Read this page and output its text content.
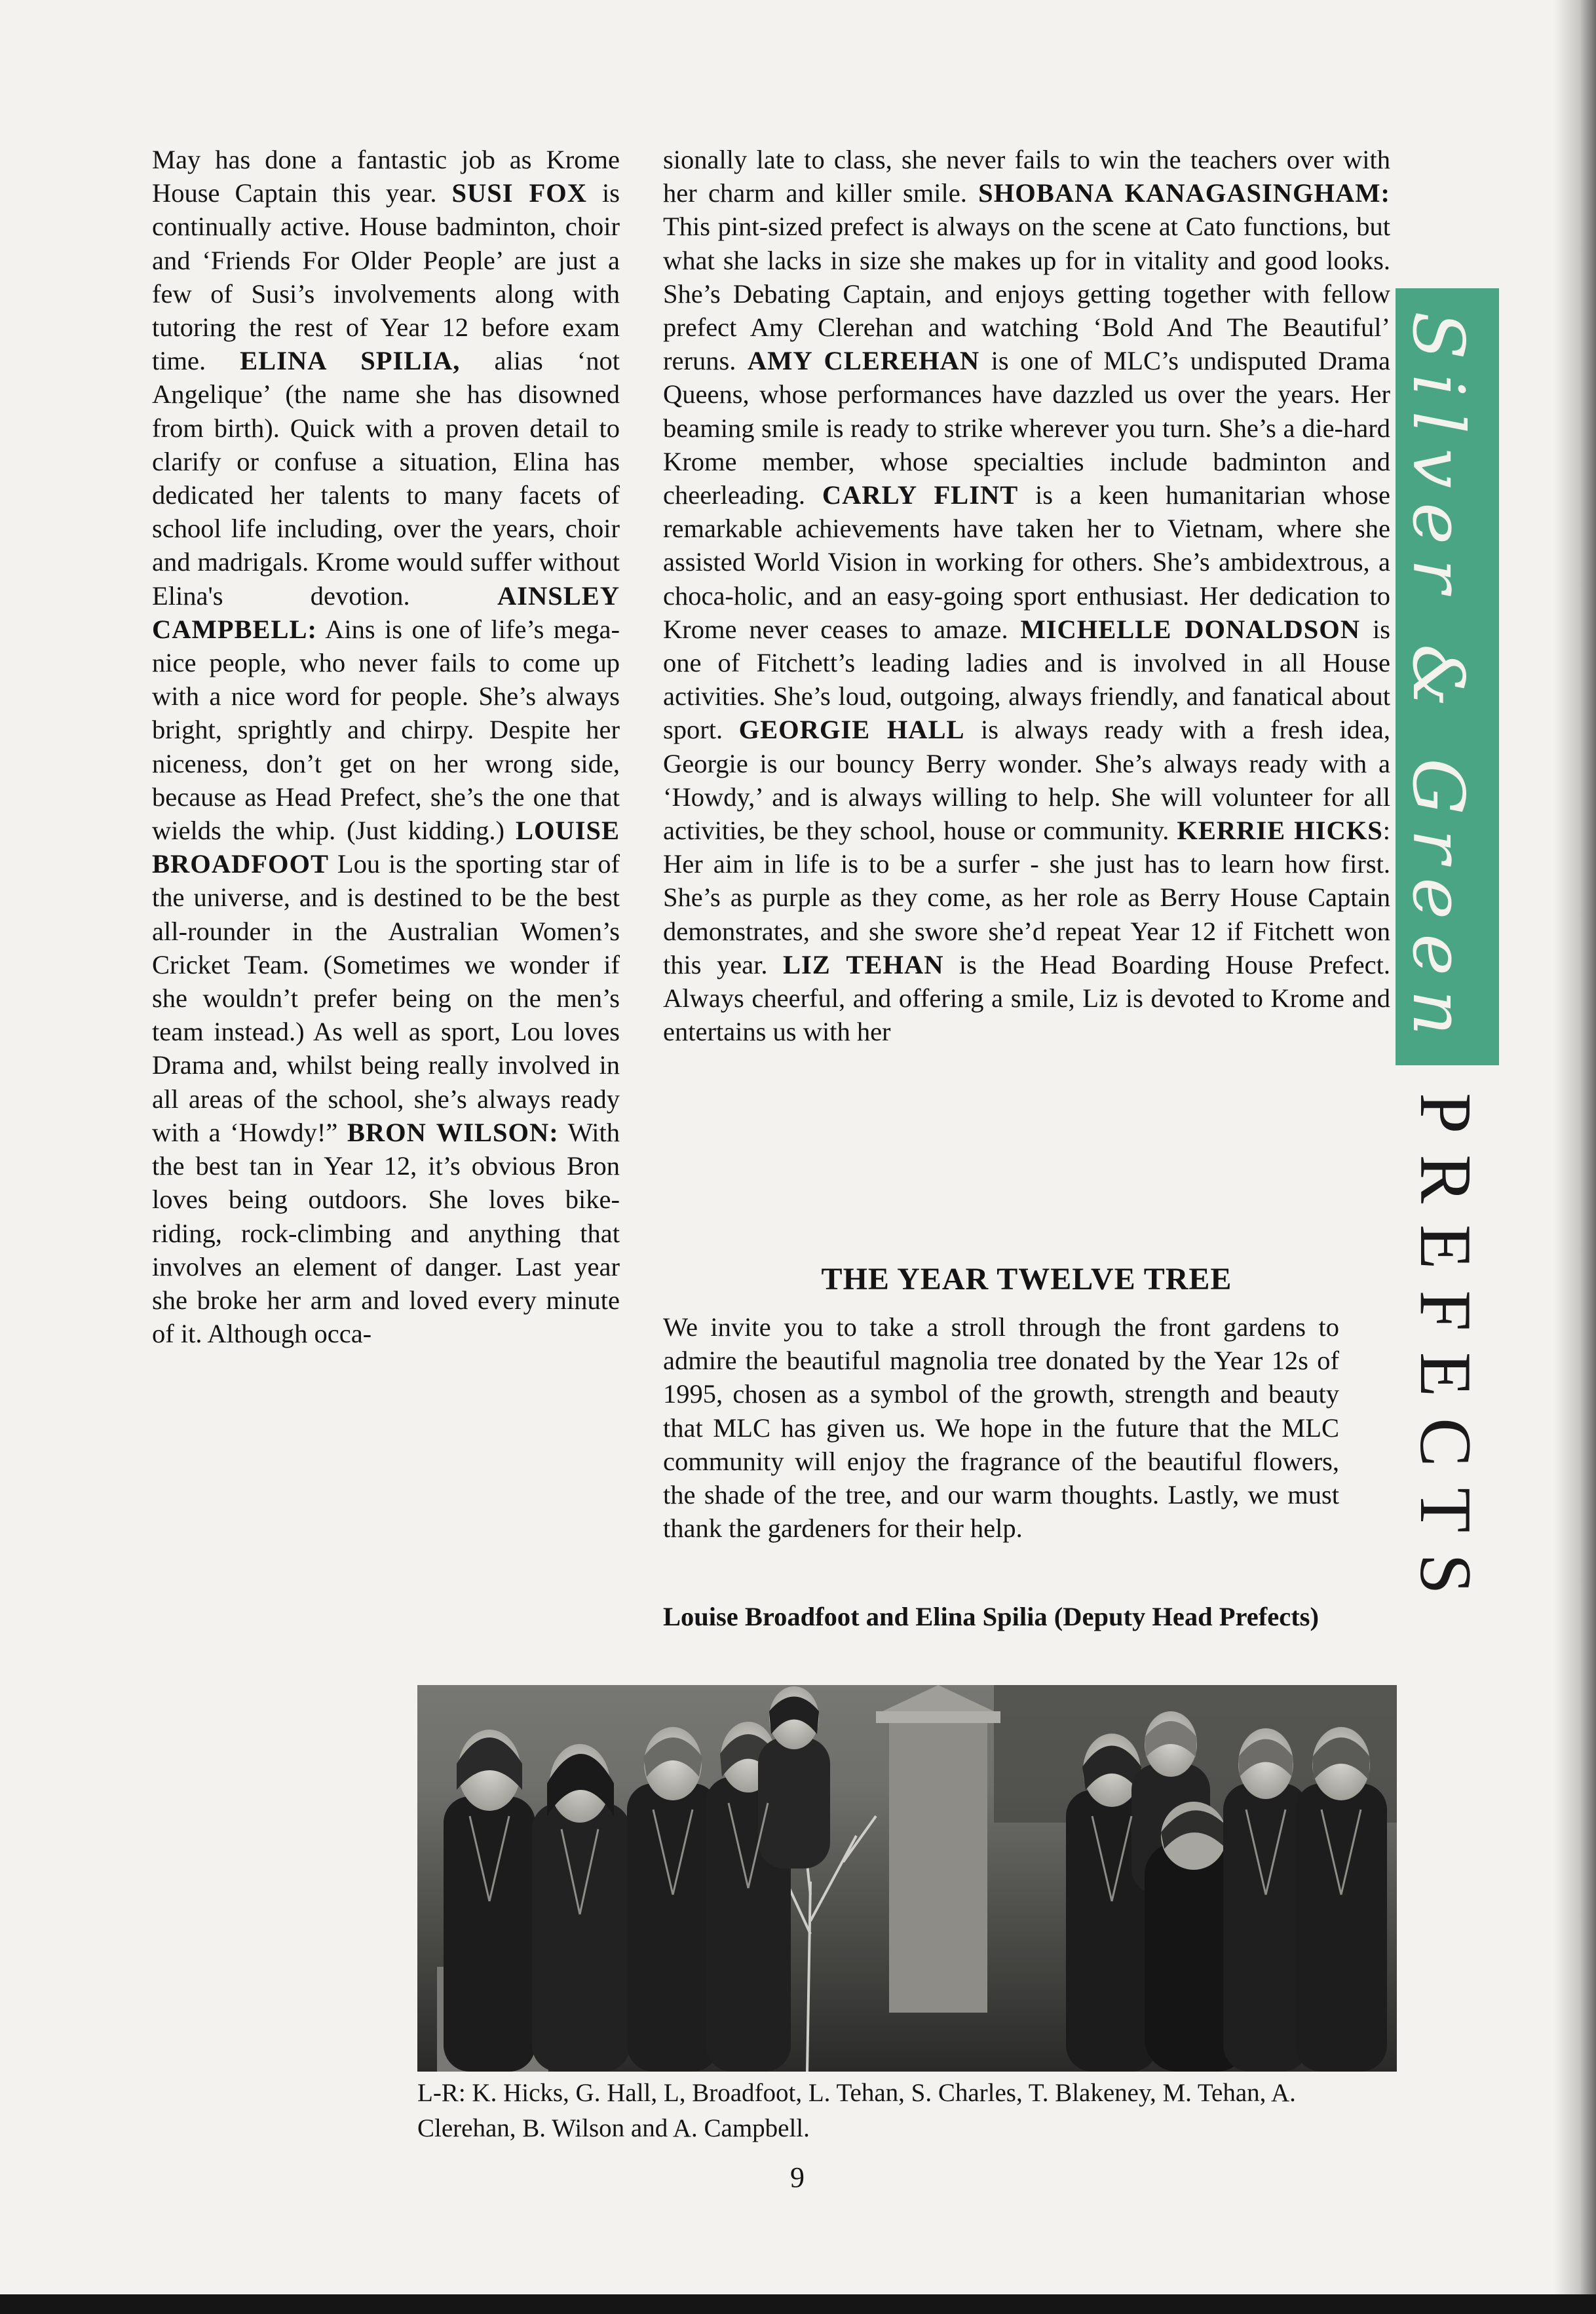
May has done a fantastic job as Krome House Captain this year. SUSI FOX is continually active. House badminton, choir and ‘Friends For Older People’ are just a few of Susi’s involvements along with tutoring the rest of Year 12 before exam time. ELINA SPILIA, alias ‘not Angelique’ (the name she has disowned from birth). Quick with a proven detail to clarify or confuse a situation, Elina has dedicated her talents to many facets of school life including, over the years, choir and madrigals. Krome would suffer without Elina's devotion. AINSLEY CAMPBELL: Ains is one of life’s mega-nice people, who never fails to come up with a nice word for people. She’s always bright, sprightly and chirpy. Despite her niceness, don’t get on her wrong side, because as Head Prefect, she’s the one that wields the whip. (Just kidding.) LOUISE BROADFOOT Lou is the sporting star of the universe, and is destined to be the best all-rounder in the Australian Women’s Cricket Team. (Sometimes we wonder if she wouldn’t prefer being on the men’s team instead.) As well as sport, Lou loves Drama and, whilst being really involved in all areas of the school, she’s always ready with a ‘Howdy!” BRON WILSON: With the best tan in Year 12, it’s obvious Bron loves being outdoors. She loves bike-riding, rock-climbing and anything that involves an element of danger. Last year she broke her arm and loved every minute of it. Although occa-

sionally late to class, she never fails to win the teachers over with her charm and killer smile. SHOBANA KANAGASINGHAM: This pint-sized prefect is always on the scene at Cato functions, but what she lacks in size she makes up for in vitality and good looks. She’s Debating Captain, and enjoys getting together with fellow prefect Amy Clerehan and watching ‘Bold And The Beautiful’ reruns. AMY CLEREHAN is one of MLC’s undisputed Drama Queens, whose performances have dazzled us over the years. Her beaming smile is ready to strike wherever you turn. She’s a die-hard Krome member, whose specialties include badminton and cheerleading. CARLY FLINT is a keen humanitarian whose remarkable achievements have taken her to Vietnam, where she assisted World Vision in working for others. She’s ambidextrous, a choca-holic, and an easy-going sport enthusiast. Her dedication to Krome never ceases to amaze. MICHELLE DONALDSON is one of Fitchett’s leading ladies and is involved in all House activities. She’s loud, outgoing, always friendly, and fanatical about sport. GEORGIE HALL is always ready with a fresh idea, Georgie is our bouncy Berry wonder. She’s always ready with a ‘Howdy,’ and is always willing to help. She will volunteer for all activities, be they school, house or community. KERRIE HICKS: Her aim in life is to be a surfer - she just has to learn how first. She’s as purple as they come, as her role as Berry House Captain demonstrates, and she swore she’d repeat Year 12 if Fitchett won this year. LIZ TEHAN is the Head Boarding House Prefect. Always cheerful, and offering a smile, Liz is devoted to Krome and entertains us with her	Silver & Green
PREFECTS
THE YEAR TWELVE TREE

We invite you to take a stroll through the front gardens to admire the beautiful magnolia tree donated by the Year 12s of 1995, chosen as a symbol of the growth, strength and beauty that MLC has given us. We hope in the future that the MLC community will enjoy the fragrance of the beautiful flowers, the shade of the tree, and our warm thoughts. Lastly, we must thank the gardeners for their help.

Louise Broadfoot and Elina Spilia (Deputy Head Prefects)
L-R: K. Hicks, G. Hall, L, Broadfoot, L. Tehan, S. Charles, T. Blakeney, M. Tehan, A. Clerehan, B. Wilson and A. Campbell.
9
